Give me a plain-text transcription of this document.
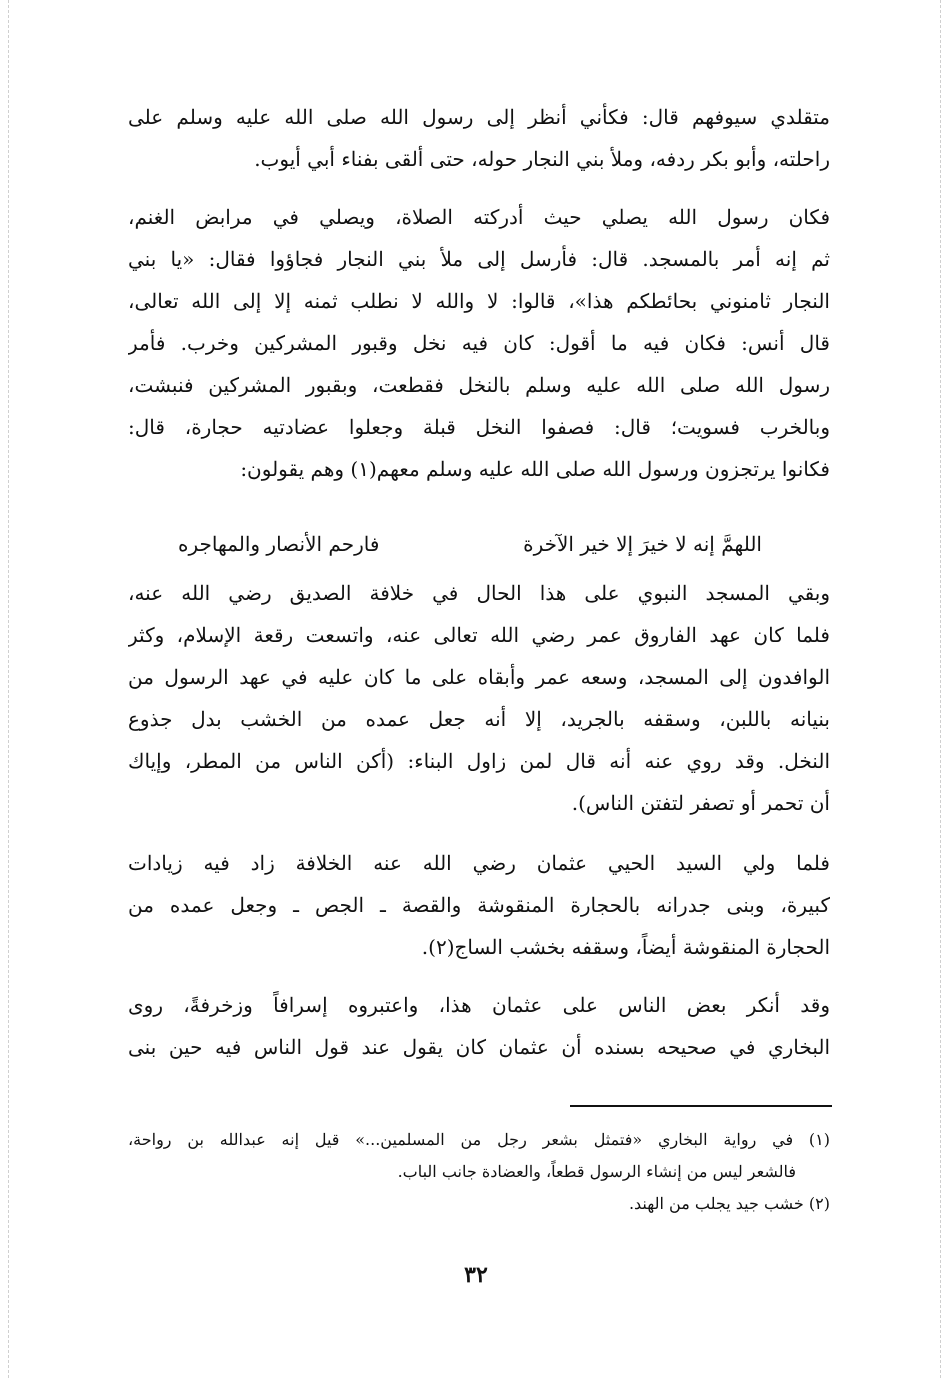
متقلدي سيوفهم قال: فكأني أنظر إلى رسول الله صلى الله عليه وسلم على
راحلته، وأبو بكر ردفه، وملأ بني النجار حوله، حتى ألقى بفناء أبي أيوب.
فكان رسول الله يصلي حيث أدركته الصلاة، ويصلي في مرابض الغنم،
ثم إنه أمر بالمسجد. قال: فأرسل إلى ملأ بني النجار فجاؤوا فقال: «يا بني
النجار ثامنوني بحائطكم هذا»، قالوا: لا والله لا نطلب ثمنه إلا إلى الله تعالى،
قال أنس: فكان فيه ما أقول: كان فيه نخل وقبور المشركين وخرب. فأمر
رسول الله صلى الله عليه وسلم بالنخل فقطعت، وبقبور المشركين فنبشت،
وبالخرب فسويت؛ قال: فصفوا النخل قبلة وجعلوا عضادتيه حجارة، قال:
فكانوا يرتجزون ورسول الله صلى الله عليه وسلم معهم(١) وهم يقولون:
اللهمَّ إنه لا خيرَ إلا خير الآخرة
فارحم الأنصار والمهاجره
وبقي المسجد النبوي على هذا الحال في خلافة الصديق رضي الله عنه،
فلما كان عهد الفاروق عمر رضي الله تعالى عنه، واتسعت رقعة الإسلام، وكثر
الوافدون إلى المسجد، وسعه عمر وأبقاه على ما كان عليه في عهد الرسول من
بنيانه باللبن، وسقفه بالجريد، إلا أنه جعل عمده من الخشب بدل جذوع
النخل. وقد روي عنه أنه قال لمن زاول البناء: (أكن الناس من المطر، وإياك
أن تحمر أو تصفر لتفتن الناس).
فلما ولي السيد الحيي عثمان رضي الله عنه الخلافة زاد فيه زيادات
كبيرة، وبنى جدرانه بالحجارة المنقوشة والقصة ـ الجص ـ وجعل عمده من
الحجارة المنقوشة أيضاً، وسقفه بخشب الساج(٢).
وقد أنكر بعض الناس على عثمان هذا، واعتبروه إسرافاً وزخرفةً، روى
البخاري في صحيحه بسنده أن عثمان كان يقول عند قول الناس فيه حين بنى
(١) في رواية البخاري «فتمثل بشعر رجل من المسلمين...» قيل إنه عبدالله بن رواحة،
فالشعر ليس من إنشاء الرسول قطعاً، والعضادة جانب الباب.
(٢) خشب جيد يجلب من الهند.
٣٢
